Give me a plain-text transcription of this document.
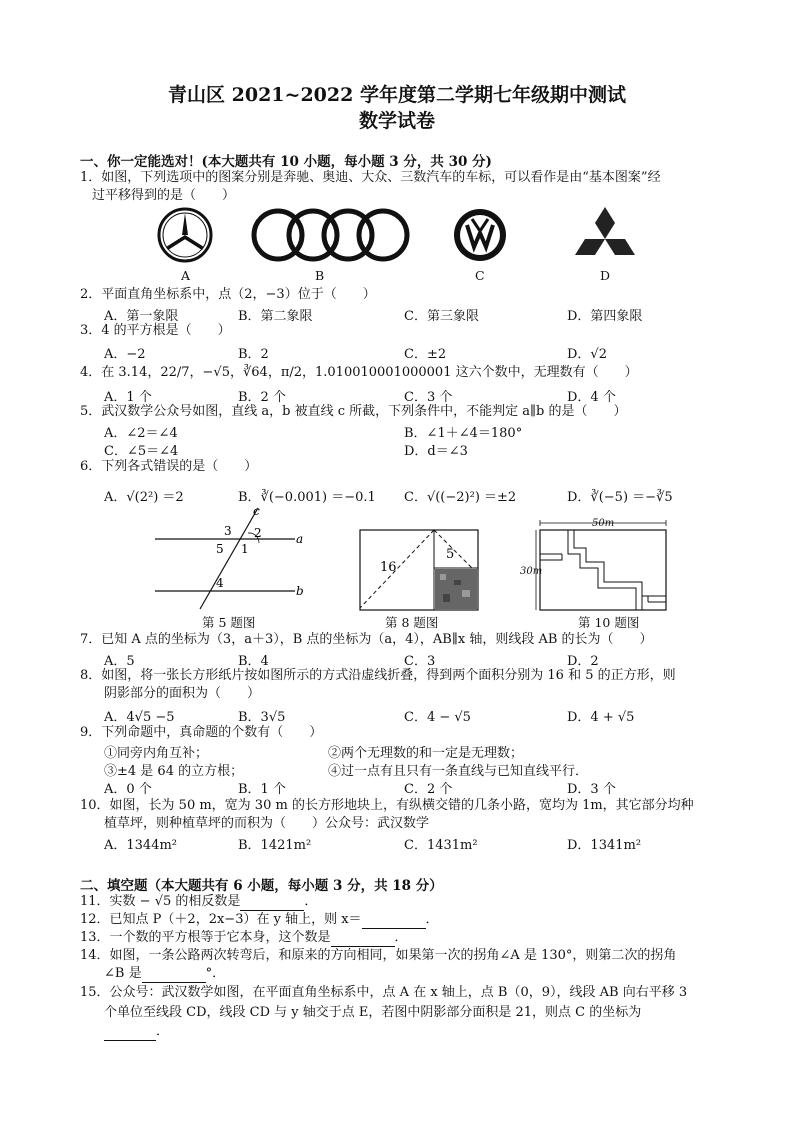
青山区 2021~2022 学年度第二学期七年级期中测试
数学试卷
一、你一定能选对！(本大题共有 10 小题，每小题 3 分，共 30 分)
1．如图，下列选项中的图案分别是奔驰、奥迪、大众、三数汽车的车标，可以看作是由“基本图案”经
过平移得到的是（　　）
A	B	C	D
2．平面直角坐标系中，点（2，−3）位于（　　）
A．第一象限	B．第二象限	C．第三象限	D．第四象限
3．4 的平方根是（　　）
A．−2	B．2	C．±2	D．√2
4．在 3.14，22/7，−√5，∛64，π/2，1.010010001000001 这六个数中，无理数有（　　）
A．1 个	B．2 个	C．3 个	D．4 个
5．武汉数学公众号如图，直线 a，b 被直线 c 所截，下列条件中，不能判定 a∥b 的是（　　）
A．∠2＝∠4	B．∠1＋∠4＝180°
C．∠5＝∠4	D．d＝∠3
6．下列各式错误的是（　　）
A．√(2²) ＝2	B．∛(−0.001) ＝−0.1 C．√((−2)²) ＝±2	D．∛(−5) ＝−∛5
c
3 2	a
5 1
4
b
第 5 题图
16
5
第 8 题图
50m
30m
第 10 题图
7．已知 A 点的坐标为（3，a＋3），B 点的坐标为（a，4），AB∥x 轴，则线段 AB 的长为（　　）
A．5	B．4	C．3	D．2
8．如图，将一张长方形纸片按如图所示的方式沿虚线折叠，得到两个面积分别为 16 和 5 的正方形，则
阴影部分的面积为（　　）
A．4√5 −5	B．3√5	C．4 − √5	D．4 + √5
9．下列命题中，真命题的个数有（　　）
①同旁内角互补；	②两个无理数的和一定是无理数；
③±4 是 64 的立方根；	④过一点有且只有一条直线与已知直线平行．
A．0 个	B．1 个	C．2 个	D．3 个
10．如图，长为 50 m，宽为 30 m 的长方形地块上，有纵横交错的几条小路，宽均为 1m，其它部分均种
植草坪，则种植草坪的而积为（　　）公众号：武汉数学
A．1344m²	B．1421m²	C．1431m²	D．1341m²
二、填空题（本大题共有 6 小题，每小题 3 分，共 18 分）
11．实数 − √5 的相反数是	．
12．已知点 P（＋2，2x−3）在 y 轴上，则 x＝	．
13．一个数的平方根等于它本身，这个数是	．
14．如图，一条公路两次转弯后，和原来的方向相同，如果第一次的拐角∠A 是 130°，则第二次的拐角
∠B 是	°．
15．公众号：武汉数学如图，在平面直角坐标系中，点 A 在 x 轴上，点 B（0，9），线段 AB 向右平移 3
个单位至线段 CD，线段 CD 与 y 轴交于点 E，若图中阴影部分面积是 21，则点 C 的坐标为
．
